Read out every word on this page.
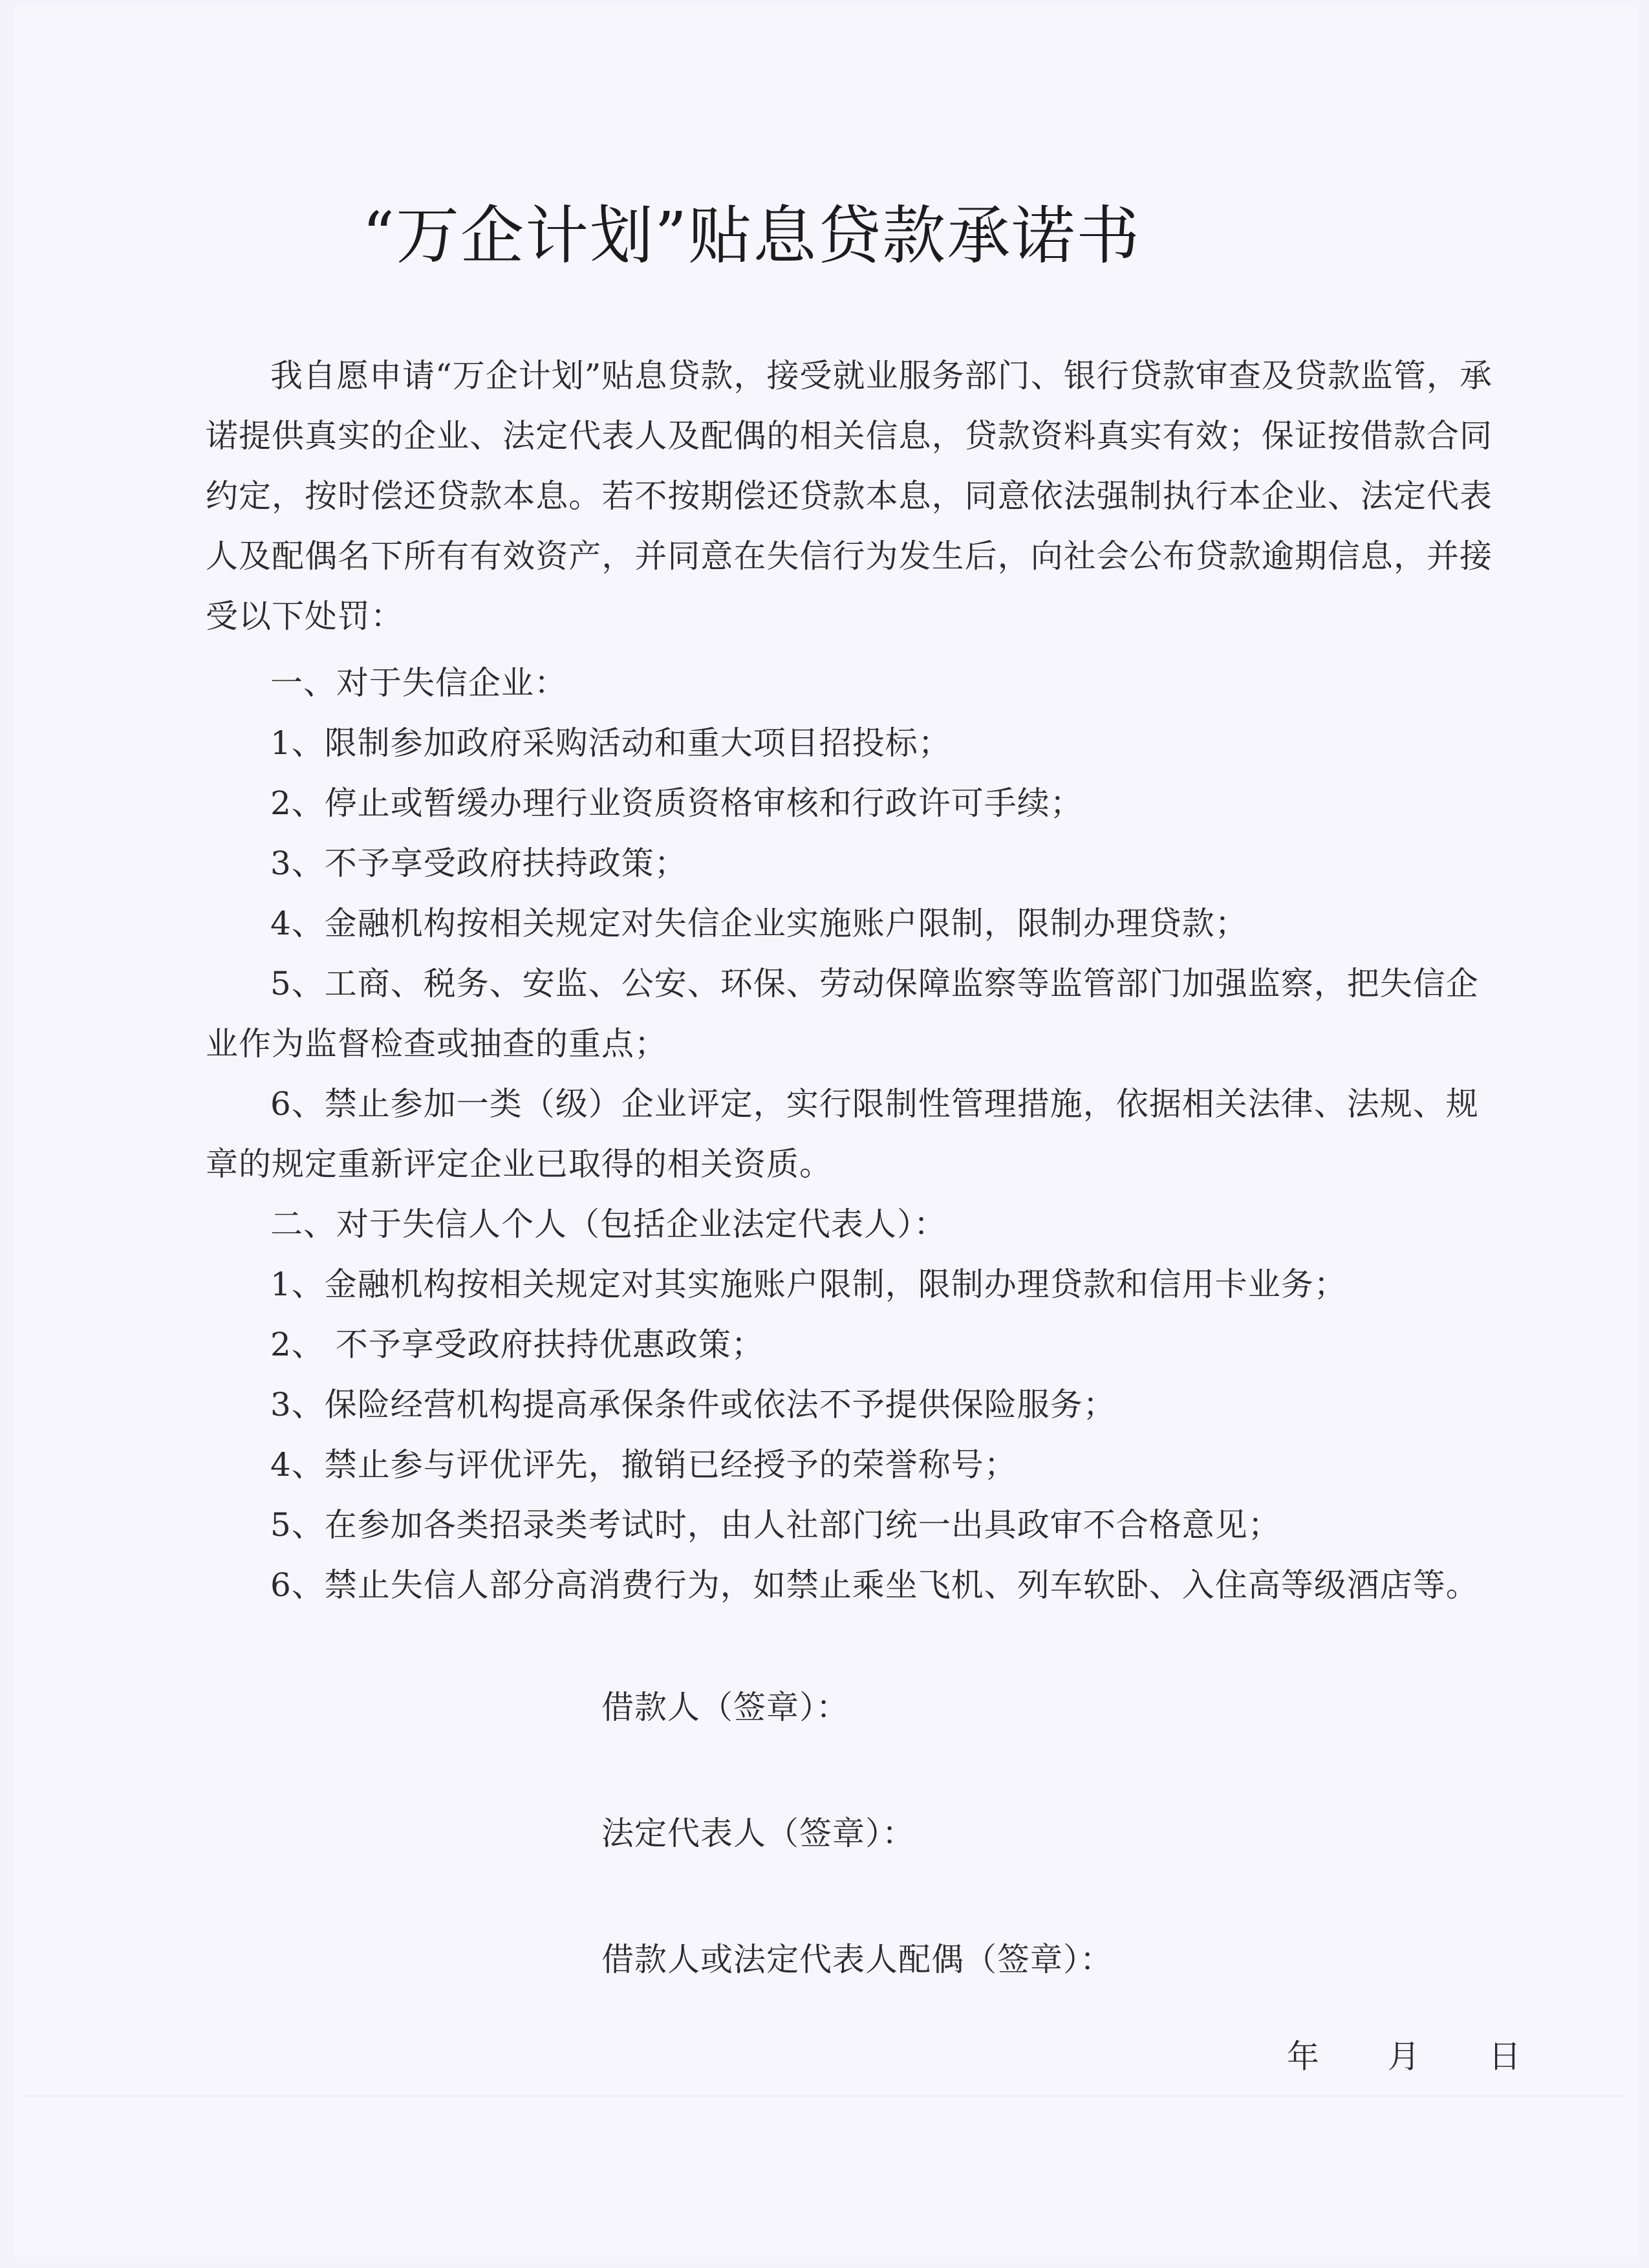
“万企计划”贴息贷款承诺书
我自愿申请“万企计划”贴息贷款，接受就业服务部门、银行贷款审查及贷款监管，承诺提供真实的企业、法定代表人及配偶的相关信息，贷款资料真实有效；保证按借款合同约定，按时偿还贷款本息。若不按期偿还贷款本息，同意依法强制执行本企业、法定代表人及配偶名下所有有效资产，并同意在失信行为发生后，向社会公布贷款逾期信息，并接受以下处罚：
一、对于失信企业：
1、限制参加政府采购活动和重大项目招投标；
2、停止或暂缓办理行业资质资格审核和行政许可手续；
3、不予享受政府扶持政策；
4、金融机构按相关规定对失信企业实施账户限制，限制办理贷款；
5、工商、税务、安监、公安、环保、劳动保障监察等监管部门加强监察，把失信企业作为监督检查或抽查的重点；
6、禁止参加一类（级）企业评定，实行限制性管理措施，依据相关法律、法规、规章的规定重新评定企业已取得的相关资质。
二、对于失信人个人（包括企业法定代表人）：
1、金融机构按相关规定对其实施账户限制，限制办理贷款和信用卡业务；
2、 不予享受政府扶持优惠政策；
3、保险经营机构提高承保条件或依法不予提供保险服务；
4、禁止参与评优评先，撤销已经授予的荣誉称号；
5、在参加各类招录类考试时，由人社部门统一出具政审不合格意见；
6、禁止失信人部分高消费行为，如禁止乘坐飞机、列车软卧、入住高等级酒店等。
借款人（签章）：
法定代表人（签章）：
借款人或法定代表人配偶（签章）：
年 月 日
